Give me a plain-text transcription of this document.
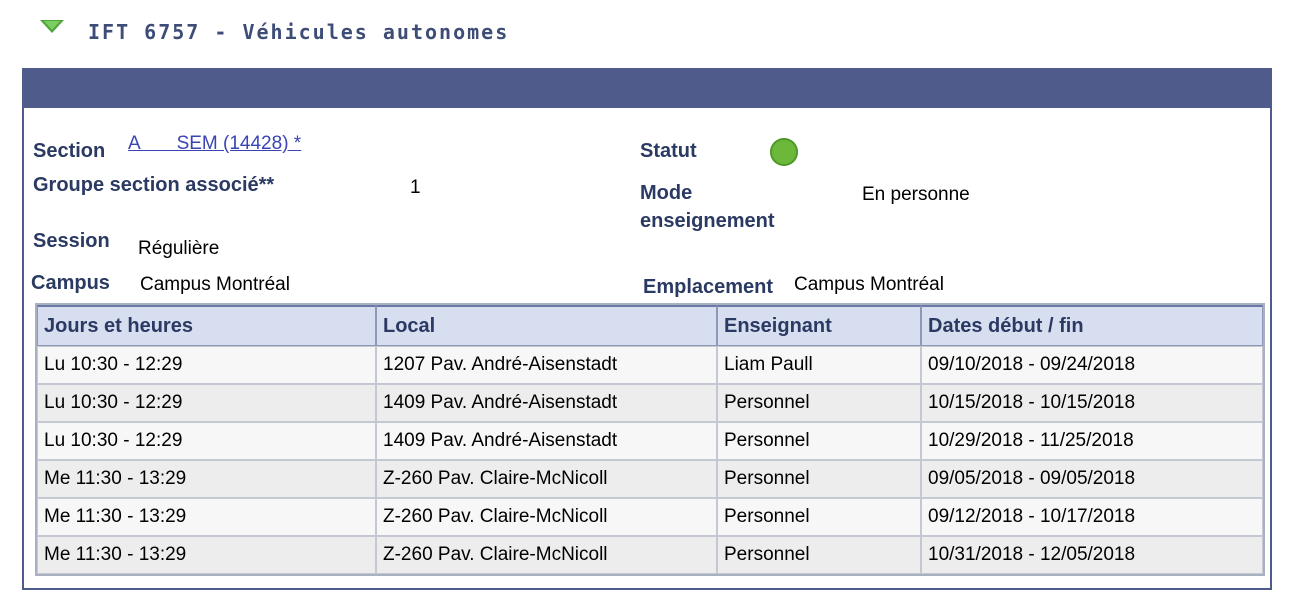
IFT 6757 - Véhicules autonomes
Section A       SEM (14428) *
Groupe section associé**	1
Session Régulière
Campus Campus Montréal
Statut
Mode
enseignement
En personne
Emplacement Campus Montréal
Jours et heures	Local	Enseignant	Dates début / fin
Lu 10:30 - 12:29	1207 Pav. André-Aisenstadt	Liam Paull	09/10/2018 - 09/24/2018
Lu 10:30 - 12:29	1409 Pav. André-Aisenstadt	Personnel	10/15/2018 - 10/15/2018
Lu 10:30 - 12:29	1409 Pav. André-Aisenstadt	Personnel	10/29/2018 - 11/25/2018
Me 11:30 - 13:29	Z-260 Pav. Claire-McNicoll	Personnel	09/05/2018 - 09/05/2018
Me 11:30 - 13:29	Z-260 Pav. Claire-McNicoll	Personnel	09/12/2018 - 10/17/2018
Me 11:30 - 13:29	Z-260 Pav. Claire-McNicoll	Personnel	10/31/2018 - 12/05/2018
